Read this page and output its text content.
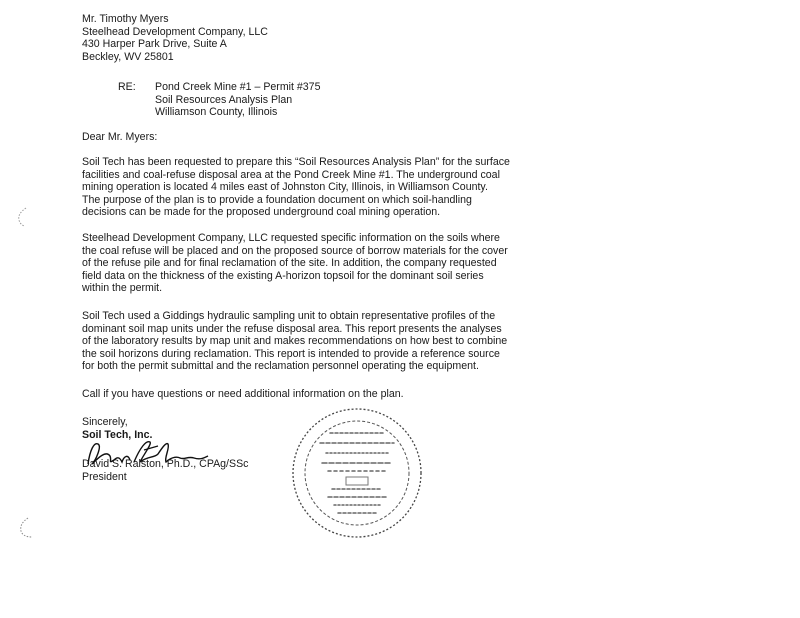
Mr. Timothy Myers
Steelhead Development Company, LLC
430 Harper Park Drive, Suite A
Beckley, WV 25801
RE:	Pond Creek Mine #1 – Permit #375
Soil Resources Analysis Plan
Williamson County, Illinois
Dear Mr. Myers:
Soil Tech has been requested to prepare this “Soil Resources Analysis Plan” for the surface
facilities and coal-refuse disposal area at the Pond Creek Mine #1. The underground coal
mining operation is located 4 miles east of Johnston City, Illinois, in Williamson County.
The purpose of the plan is to provide a foundation document on which soil-handling
decisions can be made for the proposed underground coal mining operation.
Steelhead Development Company, LLC requested specific information on the soils where
the coal refuse will be placed and on the proposed source of borrow materials for the cover
of the refuse pile and for final reclamation of the site. In addition, the company requested
field data on the thickness of the existing A-horizon topsoil for the dominant soil series
within the permit.
Soil Tech used a Giddings hydraulic sampling unit to obtain representative profiles of the
dominant soil map units under the refuse disposal area. This report presents the analyses
of the laboratory results by map unit and makes recommendations on how best to combine
the soil horizons during reclamation. This report is intended to provide a reference source
for both the permit submittal and the reclamation personnel operating the equipment.
Call if you have questions or need additional information on the plan.
Sincerely,
Soil Tech, Inc.
David S. Ralston, Ph.D., CPAg/SSc
President
